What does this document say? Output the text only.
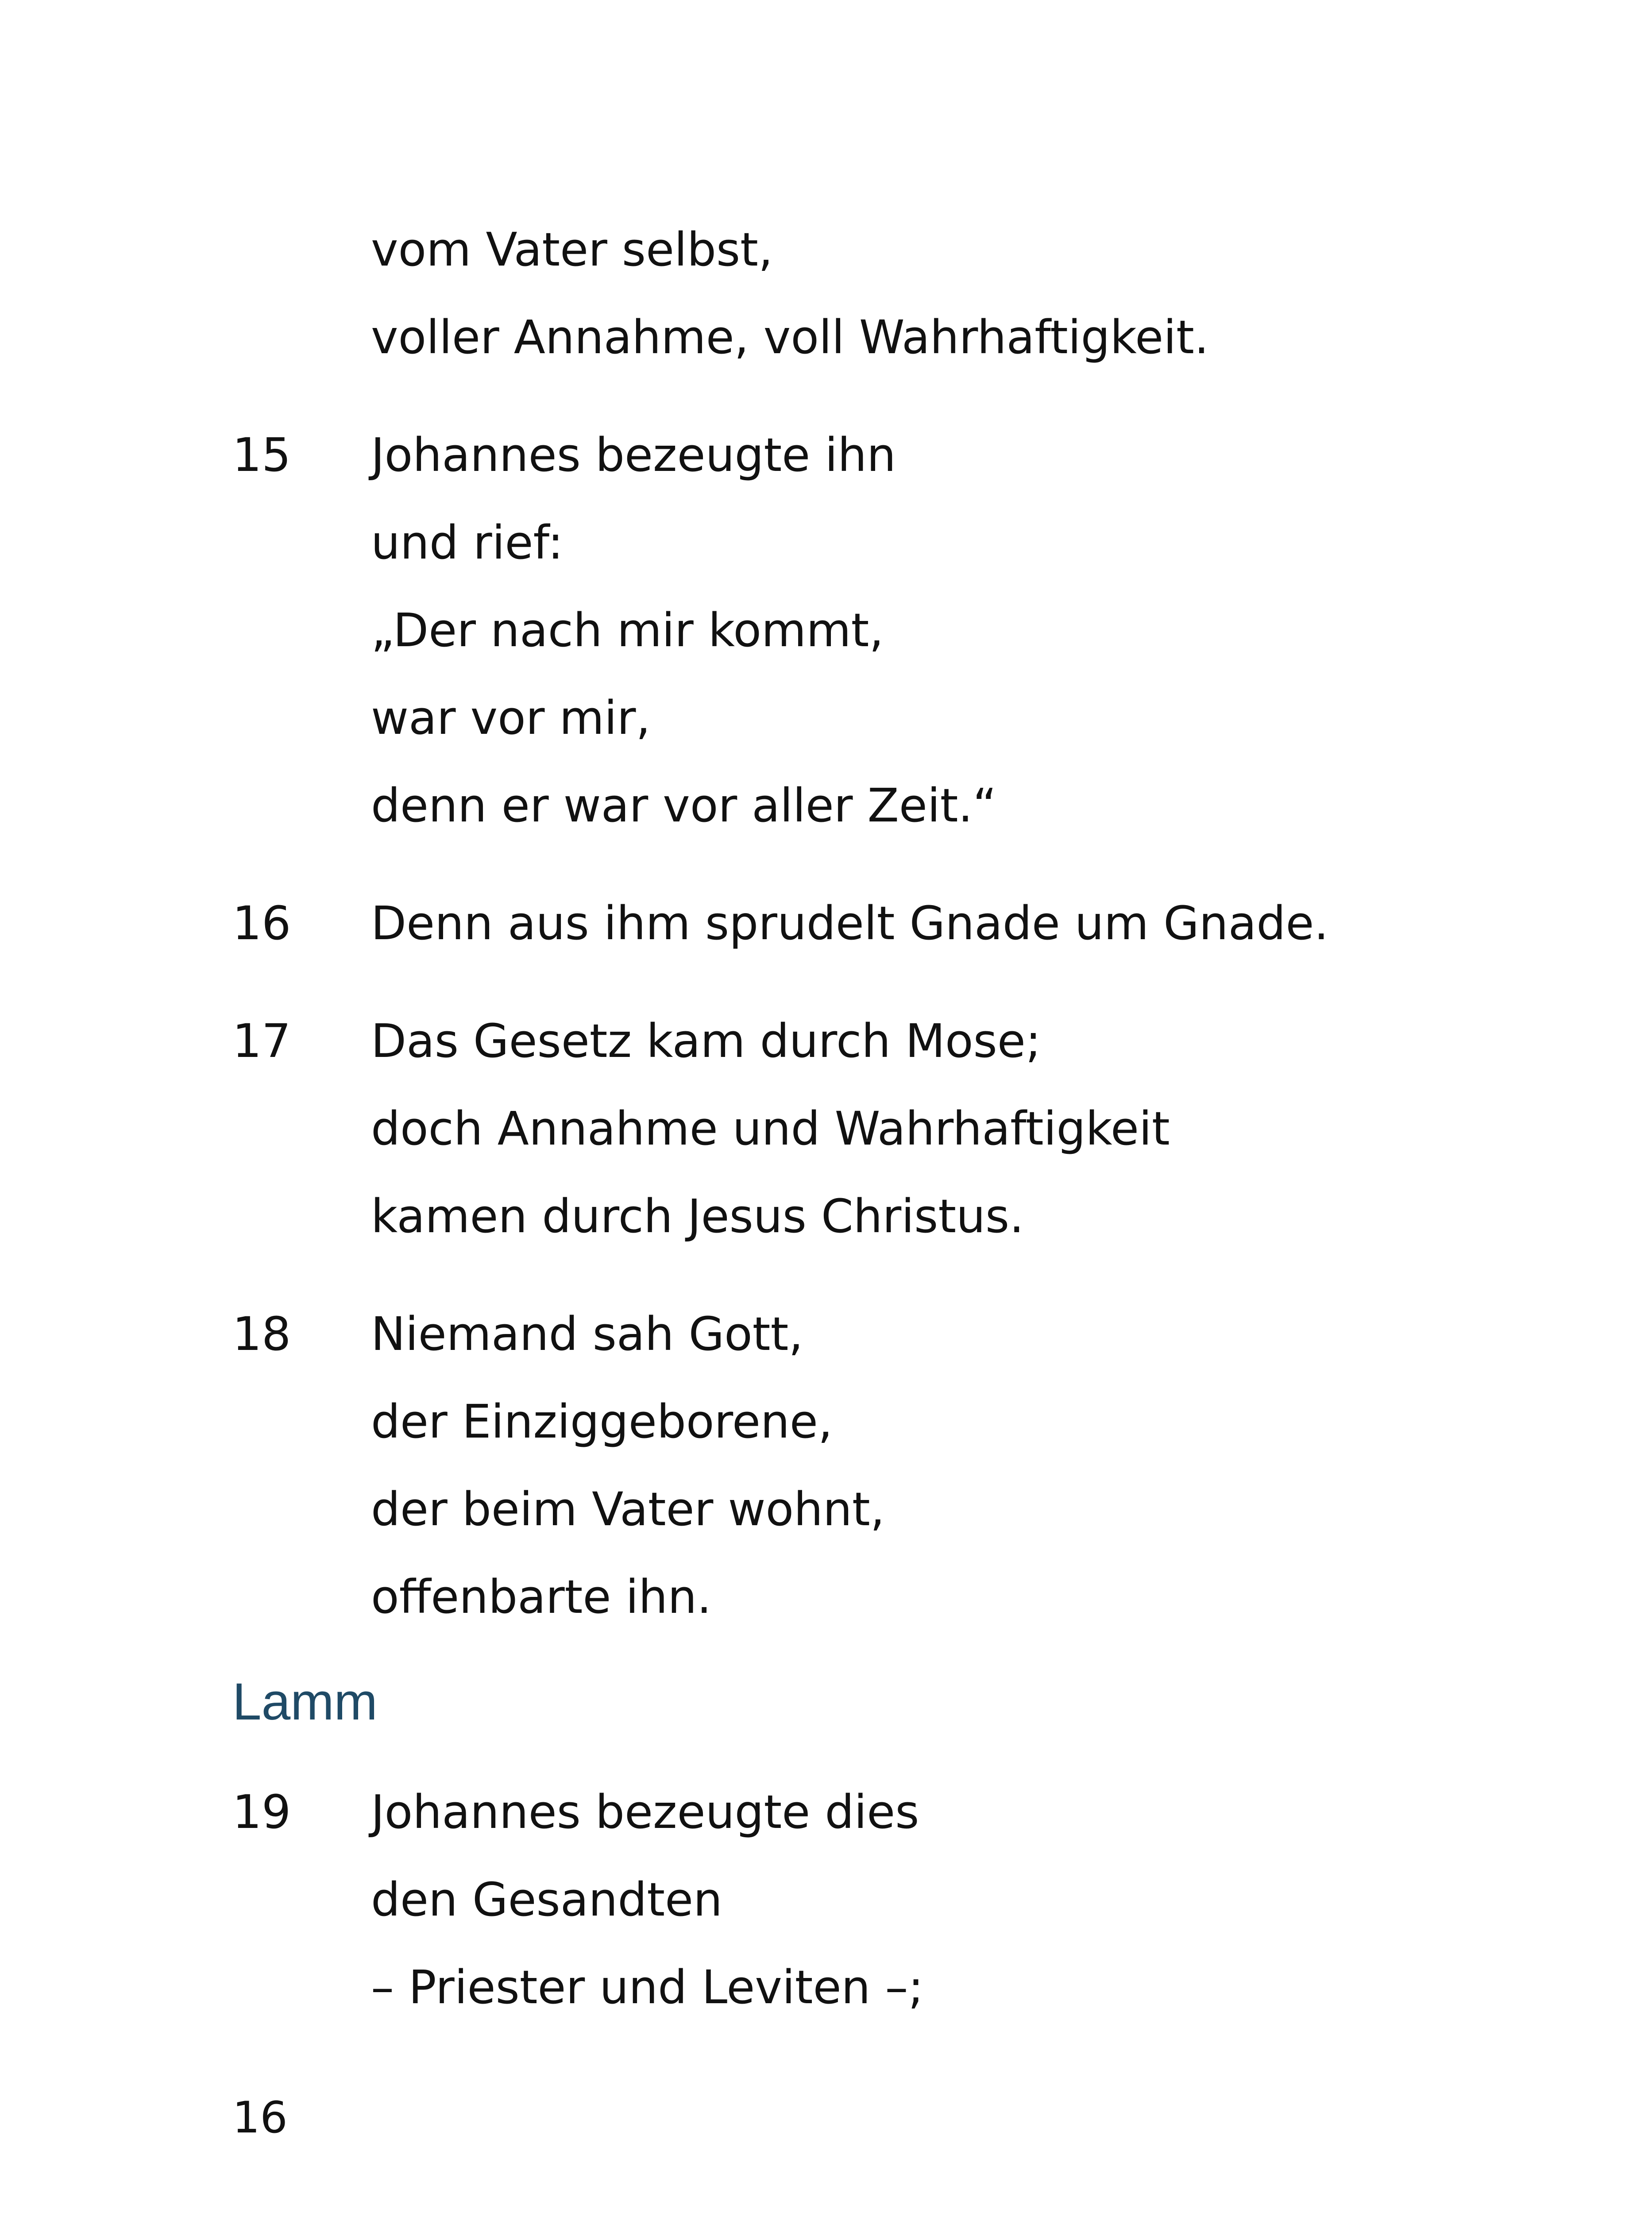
vom Vater selbst,
voller Annahme, voll Wahrhaftigkeit.
15	Johannes bezeugte ihn
und rief:
„Der nach mir kommt,
war vor mir,
denn er war vor aller Zeit.“
16	Denn aus ihm sprudelt Gnade um Gnade.
17	Das Gesetz kam durch Mose;
doch Annahme und Wahrhaftigkeit
kamen durch Jesus Christus.
18	Niemand sah Gott,
der Einziggeborene,
der beim Vater wohnt,
offenbarte ihn.
Lamm
19	Johannes bezeugte dies
den Gesandten
– Priester und Leviten –;
16
